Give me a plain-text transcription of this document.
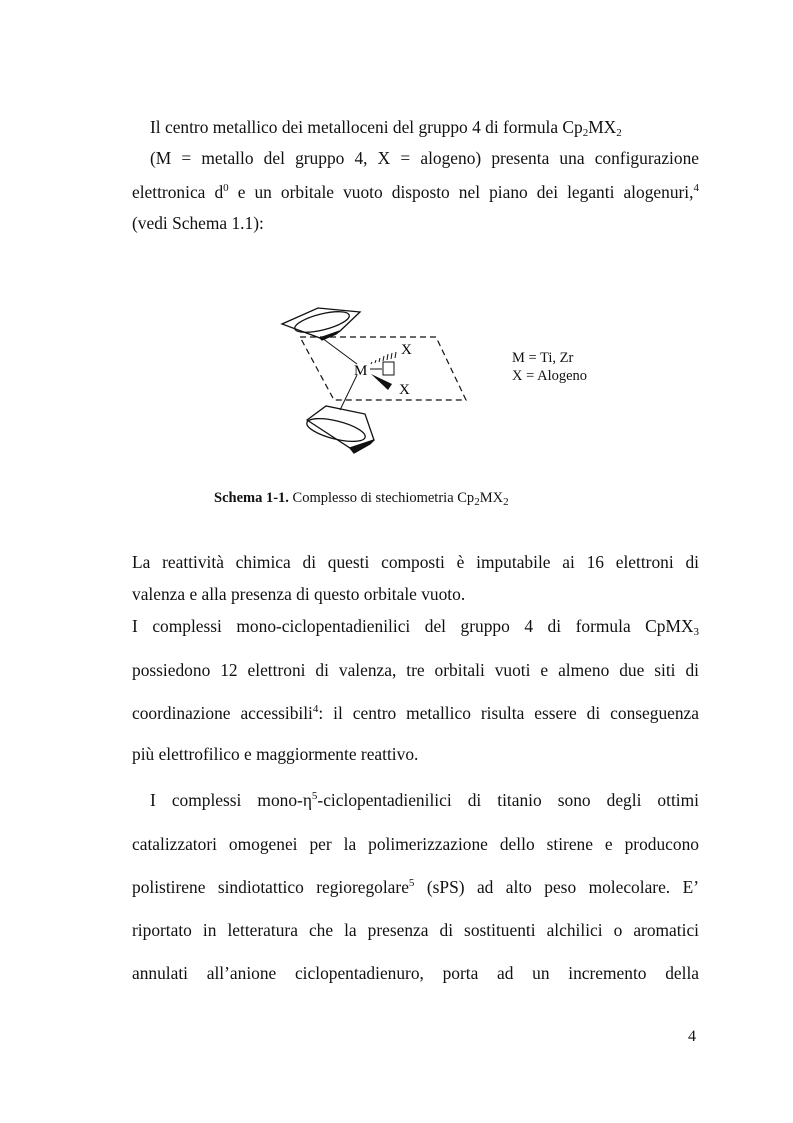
Il centro metallico dei metalloceni del gruppo 4 di formula $Cp_2MX_2$

(M = metallo del gruppo 4, X = alogeno) presenta una configurazione

elettronica $d^0$ e un orbitale vuoto disposto nel piano dei leganti alogenuri,$^4$

(vedi Schema 1.1):

M
X
X
M = Ti, Zr
X = Alogeno
Schema 1-1. Complesso di stechiometria $Cp_2MX_2$

La reattività chimica di questi composti è imputabile ai 16 elettroni di

valenza e alla presenza di questo orbitale vuoto.

I complessi mono-ciclopentadienilici del gruppo 4 di formula CpMX$_3$

possiedono 12 elettroni di valenza, tre orbitali vuoti e almeno due siti di

coordinazione accessibili$^4$: il centro metallico risulta essere di conseguenza

più elettrofilico e maggiormente reattivo.

I complessi mono-$\eta^5$-ciclopentadienilici di titanio sono degli ottimi

catalizzatori omogenei per la polimerizzazione dello stirene e producono

polistirene sindiotattico regioregolare$^5$ (sPS) ad alto peso molecolare. E’

riportato in letteratura che la presenza di sostituenti alchilici o aromatici

annulati all’anione ciclopentadienuro, porta ad un incremento della

4
